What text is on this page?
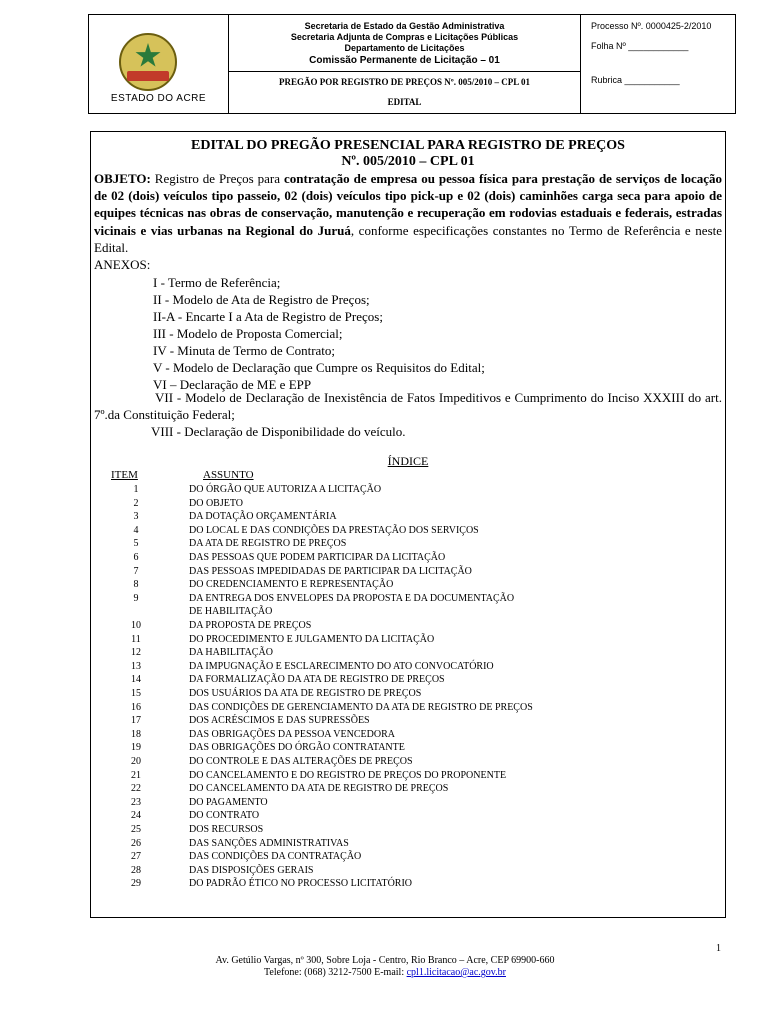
ESTADO DO ACRE
Secretaria de Estado da Gestão Administrativa
Secretaria Adjunta de Compras e Licitações Públicas
Departamento de Licitações
Comissão Permanente de Licitação – 01
PREGÃO POR REGISTRO DE PREÇOS Nº. 005/2010 – CPL 01
EDITAL
Processo Nº. 0000425-2/2010
Folha Nº ____________
Rubrica ___________
EDITAL DO PREGÃO PRESENCIAL PARA REGISTRO DE PREÇOS
Nº. 005/2010 – CPL 01

OBJETO: Registro de Preços para contratação de empresa ou pessoa física para prestação de serviços de locação de 02 (dois) veículos tipo passeio, 02 (dois) veículos tipo pick-up e 02 (dois) caminhões carga seca para apoio de equipes técnicas nas obras de conservação, manutenção e recuperação em rodovias estaduais e federais, estradas vicinais e vias urbanas na Regional do Juruá, conforme especificações constantes no Termo de Referência e neste Edital.

ANEXOS:
I - Termo de Referência;
II - Modelo de Ata de Registro de Preços;
II-A - Encarte I a Ata de Registro de Preços;
III - Modelo de Proposta Comercial;
IV - Minuta de Termo de Contrato;
V - Modelo de Declaração que Cumpre os Requisitos do Edital;
VI – Declaração de ME e EPP

VII - Modelo de Declaração de Inexistência de Fatos Impeditivos e Cumprimento do Inciso XXXIII do art. 7º.da Constituição Federal;

VIII - Declaração de Disponibilidade do veículo.
ÍNDICE
ITEM	ASSUNTO
1	DO ÓRGÃO QUE AUTORIZA A LICITAÇÃO
2	DO OBJETO
3	DA DOTAÇÃO ORÇAMENTÁRIA
4	DO LOCAL E DAS CONDIÇÕES DA PRESTAÇÃO DOS SERVIÇOS
5	DA ATA DE REGISTRO DE PREÇOS
6	DAS PESSOAS QUE PODEM PARTICIPAR DA LICITAÇÃO
7	DAS PESSOAS IMPEDIDADAS DE PARTICIPAR DA LICITAÇÃO
8	DO CREDENCIAMENTO E REPRESENTAÇÃO
9	DA ENTREGA DOS ENVELOPES DA PROPOSTA E DA DOCUMENTAÇÃO
DE HABILITAÇÃO
10	DA PROPOSTA DE PREÇOS
11	DO PROCEDIMENTO E JULGAMENTO DA LICITAÇÃO
12	DA HABILITAÇÃO
13	DA IMPUGNAÇÃO E ESCLARECIMENTO DO ATO CONVOCATÓRIO
14	DA FORMALIZAÇÃO DA ATA DE REGISTRO DE PREÇOS
15	DOS USUÁRIOS DA ATA DE REGISTRO DE PREÇOS
16	DAS CONDIÇÕES DE GERENCIAMENTO DA ATA DE REGISTRO DE PREÇOS
17	DOS ACRÉSCIMOS E DAS SUPRESSÕES
18	DAS OBRIGAÇÕES DA PESSOA VENCEDORA
19	DAS OBRIGAÇÕES DO ÓRGÃO CONTRATANTE
20	DO CONTROLE E DAS ALTERAÇÕES DE PREÇOS
21	DO CANCELAMENTO E DO REGISTRO DE PREÇOS DO PROPONENTE
22	DO CANCELAMENTO DA ATA DE REGISTRO DE PREÇOS
23	DO PAGAMENTO
24	DO CONTRATO
25	DOS RECURSOS
26	DAS SANÇÕES ADMINISTRATIVAS
27	DAS CONDIÇÕES DA CONTRATAÇÃO
28	DAS DISPOSIÇÕES GERAIS
29	DO PADRÃO ÉTICO NO PROCESSO LICITATÓRIO
1
Av. Getúlio Vargas, nº 300, Sobre Loja - Centro, Rio Branco – Acre, CEP 69900-660
Telefone: (068) 3212-7500 E-mail: cpl1.licitacao@ac.gov.br
